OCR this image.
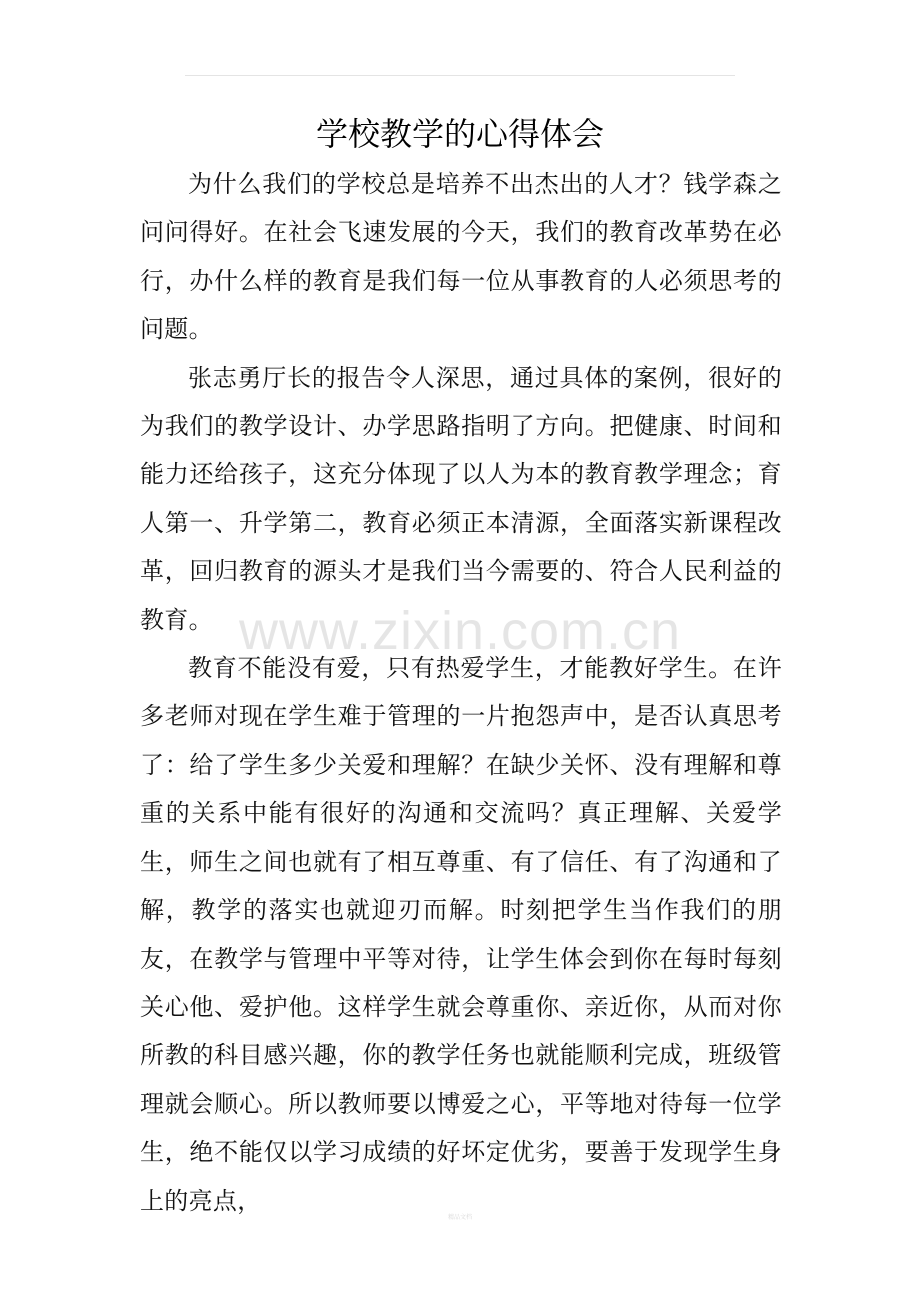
学校教学的心得体会

为什么我们的学校总是培养不出杰出的人才？钱学森之问问得好。在社会飞速发展的今天，我们的教育改革势在必行，办什么样的教育是我们每一位从事教育的人必须思考的问题。

张志勇厅长的报告令人深思，通过具体的案例，很好的为我们的教学设计、办学思路指明了方向。把健康、时间和能力还给孩子，这充分体现了以人为本的教育教学理念；育人第一、升学第二，教育必须正本清源，全面落实新课程改革，回归教育的源头才是我们当今需要的、符合人民利益的教育。

教育不能没有爱，只有热爱学生，才能教好学生。在许多老师对现在学生难于管理的一片抱怨声中，是否认真思考了：给了学生多少关爱和理解？在缺少关怀、没有理解和尊重的关系中能有很好的沟通和交流吗？真正理解、关爱学生，师生之间也就有了相互尊重、有了信任、有了沟通和了解，教学的落实也就迎刃而解。时刻把学生当作我们的朋友，在教学与管理中平等对待，让学生体会到你在每时每刻关心他、爱护他。这样学生就会尊重你、亲近你，从而对你所教的科目感兴趣，你的教学任务也就能顺利完成，班级管理就会顺心。所以教师要以博爱之心，平等地对待每一位学生，绝不能仅以学习成绩的好坏定优劣，要善于发现学生身上的亮点，

www.zixin.com.cn
精品文档
